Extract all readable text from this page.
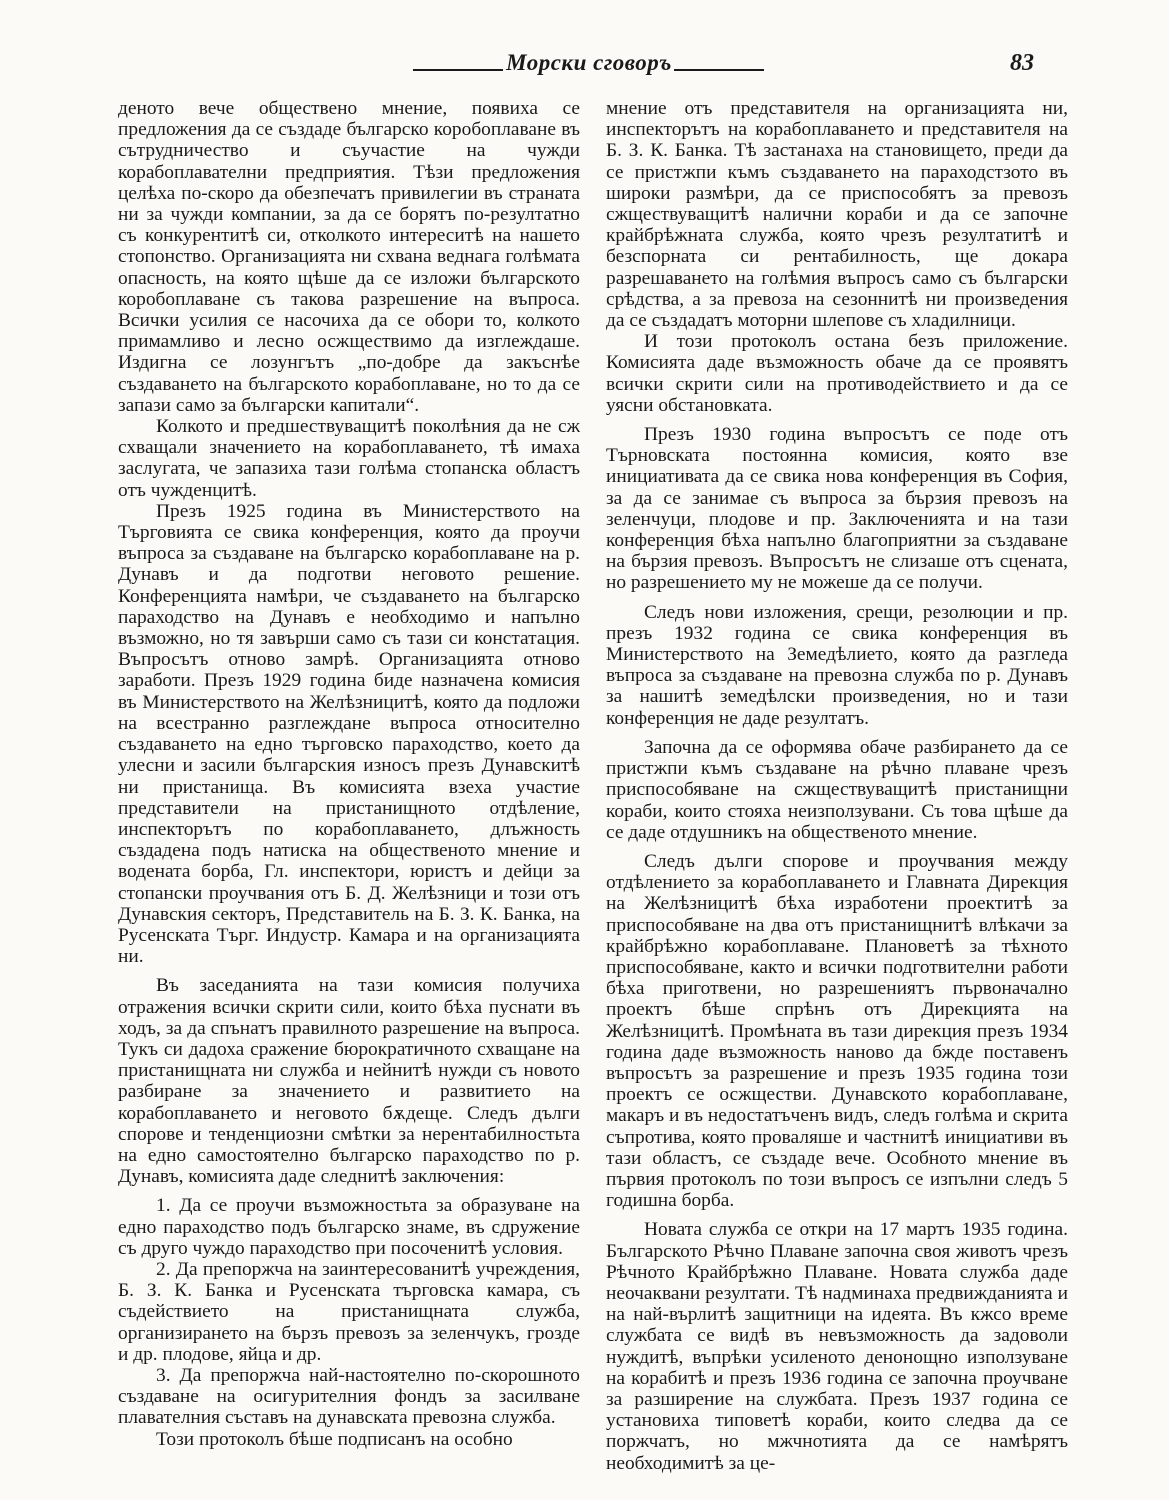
Морски сговоръ	83

деното вече обществено мнение, появиха се предложения да се създаде българско коробоплаване въ сътрудничество и съучастие на чужди корабоплавателни предприятия. Тѣзи предложения целѣха по-скоро да обезпечатъ привилегии въ страната ни за чужди компании, за да се борятъ по-резултатно съ конкурентитѣ си, отколкото интереситѣ на нашето стопонство. Организацията ни схвана веднага голѣмата опасность, на която щѣше да се изложи българското коробоплаване съ такова разрешение на въпроса. Всички усилия се насочиха да се обори то, колкото примамливо и лесно осжществимо да изглеждаше. Издигна се лозунгътъ „по-добре да закъснѣе създаването на българското корабоплаване, но то да се запази само за български капитали“.

Колкото и предшествуващитѣ поколѣния да не сж схващали значението на корабоплаването, тѣ имаха заслугата, че запазиха тази голѣма стопанска областъ отъ чужденцитѣ.

Презъ 1925 година въ Министерството на Търговията се свика конференция, която да проучи въпроса за създаване на българско корабоплаване на р. Дунавъ и да подготви неговото решение. Конференцията намѣри, че създаването на българско параходство на Дунавъ е необходимо и напълно възможно, но тя завърши само съ тази си констатация. Въпросътъ отново замрѣ. Организацията отново заработи. Презъ 1929 година биде назначена комисия въ Министерството на Желѣзницитѣ, която да подложи на всестранно разглеждане въпроса относително създаването на едно търговско параходство, което да улесни и засили българския износъ презъ Дунавскитѣ ни пристанища. Въ комисията взеха участие представители на пристанищното отдѣление, инспекторътъ по корабоплаването, длъжность създадена подъ натиска на общественото мнение и водената борба, Гл. инспектори, юристъ и дейци за стопански проучвания отъ Б. Д. Желѣзници и този отъ Дунавския секторъ, Представитель на Б. З. К. Банка, на Русенската Търг. Индустр. Камара и на организацията ни.

Въ заседанията на тази комисия получиха отражения всички скрити сили, които бѣха пуснати въ ходъ, за да спънатъ правилното разрешение на въпроса. Тукъ си дадоха сражение бюрократичното схващане на пристанищната ни служба и нейнитѣ нужди съ новото разбиране за значението и развитието на корабоплаването и неговото бѫдеще. Следъ дълги спорове и тенденциозни смѣтки за нерентабилностьта на едно самостоятелно българско параходство по р. Дунавъ, комисията даде следнитѣ заключения:

1. Да се проучи възможностьта за образуване на едно параходство подъ българско знаме, въ сдружение съ друго чуждо параходство при посоченитѣ условия.

2. Да препоржча на заинтересованитѣ учреждения, Б. З. К. Банка и Русенската търговска камара, съ съдействието на пристанищната служба, организирането на бързъ превозъ за зеленчукъ, грозде и др. плодове, яйца и др.

3. Да препоржча най-настоятелно по-скорошното създаване на осигурителния фондъ за засилване плавателния съставъ на дунавската превозна служба.

Този протоколъ бѣше подписанъ на особно

мнение отъ представителя на организацията ни, инспекторътъ на корабоплаването и представителя на Б. З. К. Банка. Тѣ застанаха на становището, преди да се пристжпи къмъ създаването на параходстзото въ широки размѣри, да се приспособятъ за превозъ сжществуващитѣ налични кораби и да се започне крайбрѣжната служба, която чрезъ резултатитѣ и безспорната си рентабилность, ще докара разрешаването на голѣмия въпросъ само съ български срѣдства, а за превоза на сезоннитѣ ни произведения да се създадатъ моторни шлепове съ хладилници.

И този протоколъ остана безъ приложение. Комисията даде възможность обаче да се проявятъ всички скрити сили на противодействието и да се уясни обстановката.

Презъ 1930 година въпросътъ се поде отъ Търновската постоянна комисия, която взе инициативата да се свика нова конференция въ София, за да се занимае съ въпроса за бързия превозъ на зеленчуци, плодове и пр. Заключенията и на тази конференция бѣха напълно благоприятни за създаване на бързия превозъ. Въпросътъ не слизаше отъ сцената, но разрешението му не можеше да се получи.

Следъ нови изложения, срещи, резолюции и пр. презъ 1932 година се свика конференция въ Министерството на Земедѣлието, която да разгледа въпроса за създаване на превозна служба по р. Дунавъ за нашитѣ земедѣлски произведения, но и тази конференция не даде резултатъ.

Започна да се оформява обаче разбирането да се пристжпи къмъ създаване на рѣчно плаване чрезъ приспособяване на сжществуващитѣ пристанищни кораби, които стояха неизползувани. Съ това щѣше да се даде отдушникъ на общественото мнение.

Следъ дълги спорове и проучвания между отдѣлението за корабоплаването и Главната Дирекция на Желѣзницитѣ бѣха изработени проектитѣ за приспособяване на два отъ пристанищнитѣ влѣкачи за крайбрѣжно корабоплаване. Плановетѣ за тѣхното приспособяване, както и всички подготвителни работи бѣха приготвени, но разрешениятъ първоначално проектъ бѣше спрѣнъ отъ Дирекцията на Желѣзницитѣ. Промѣната въ тази дирекция презъ 1934 година даде възможность наново да бжде поставенъ въпросътъ за разрешение и презъ 1935 година този проектъ се осжществи. Дунавското корабоплаване, макаръ и въ недостатъченъ видъ, следъ голѣма и скрита съпротива, която проваляше и частнитѣ инициативи въ тази областъ, се създаде вече. Особното мнение въ първия протоколъ по този въпросъ се изпълни следъ 5 годишна борба.

Новата служба се откри на 17 мартъ 1935 година. Българското Рѣчно Плаване започна своя животъ чрезъ Рѣчното Крайбрѣжно Плаване. Новата служба даде неочаквани резултати. Тѣ надминаха предвижданията и на най-върлитѣ защитници на идеята. Въ кжсо време службата се видѣ въ невъзможность да задоволи нуждитѣ, въпрѣки усиленото денонощно използуване на корабитѣ и презъ 1936 година се започна проучване за разширение на службата. Презъ 1937 година се установиха типоветѣ кораби, които следва да се поржчатъ, но мжчнотията да се намѣрятъ необходимитѣ за це-
